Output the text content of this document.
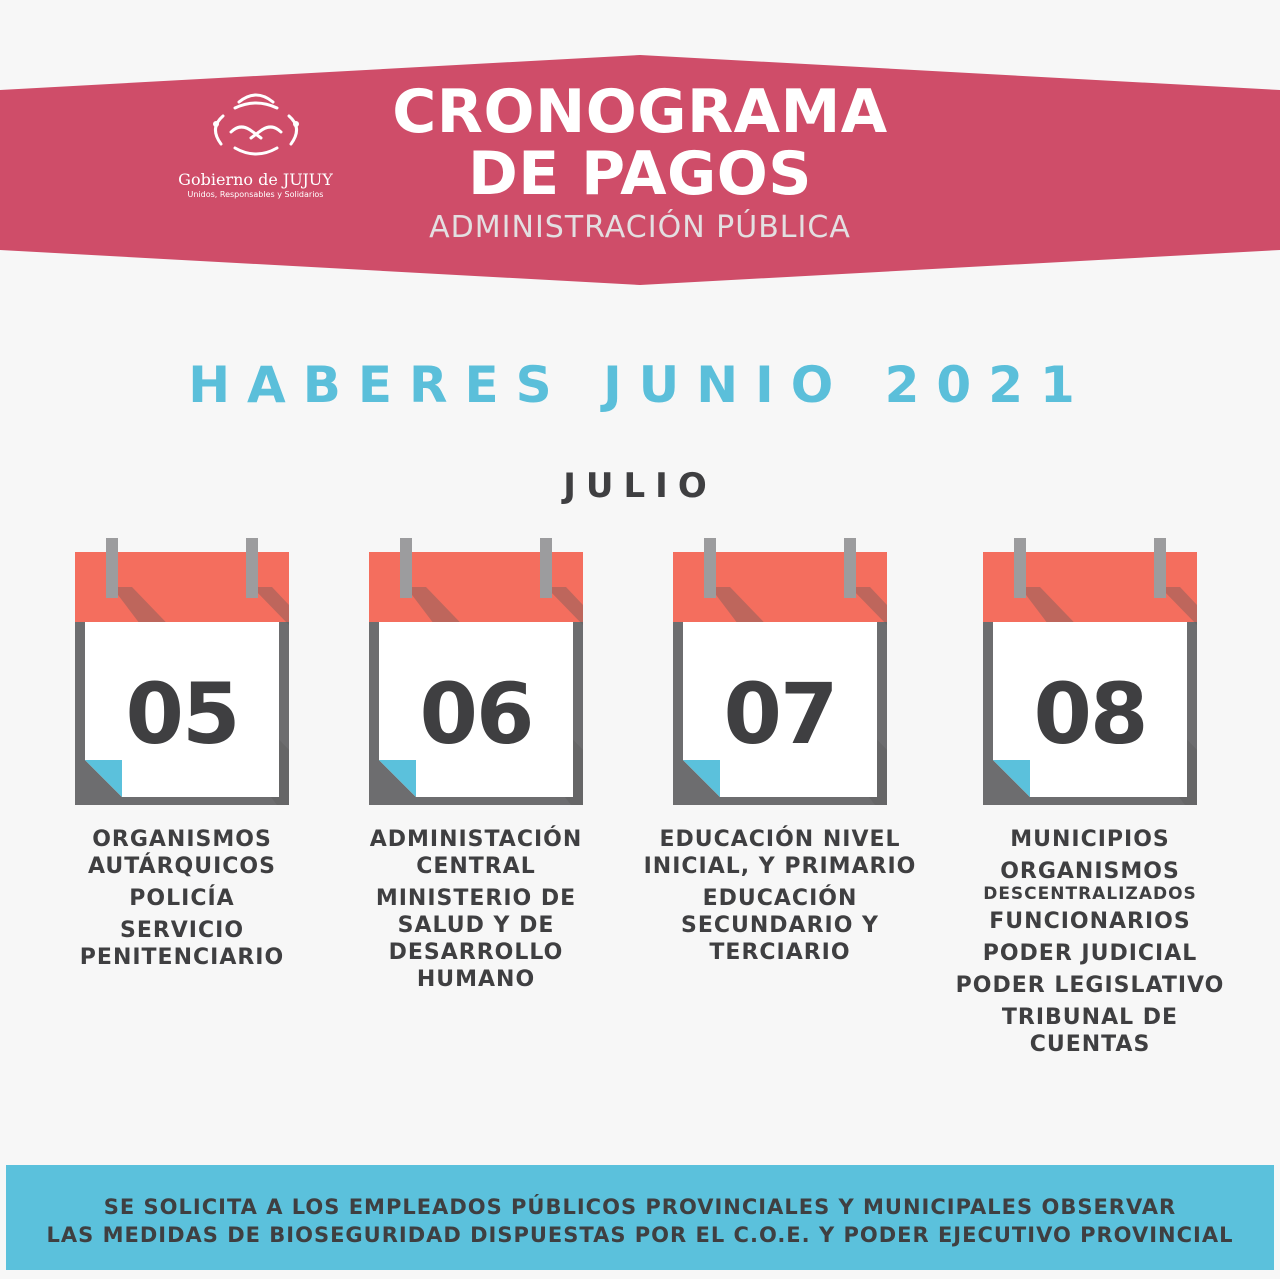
Gobierno de JUJUY
Unidos, Responsables y Solidarios
CRONOGRAMA
DE PAGOS
ADMINISTRACIÓN PÚBLICA
HABERES JUNIO 2021
JULIO
05	06	07	08
ORGANISMOS AUTÁRQUICOS
POLICÍA
SERVICIO PENITENCIARIO
ADMINISTACIÓN CENTRAL
MINISTERIO DE SALUD Y DE DESARROLLO HUMANO
EDUCACIÓN NIVEL INICIAL, Y PRIMARIO
EDUCACIÓN SECUNDARIO Y TERCIARIO
MUNICIPIOS
ORGANISMOS
DESCENTRALIZADOS
FUNCIONARIOS
PODER JUDICIAL
PODER LEGISLATIVO
TRIBUNAL DE CUENTAS
SE SOLICITA A LOS EMPLEADOS PÚBLICOS PROVINCIALES Y MUNICIPALES OBSERVAR
LAS MEDIDAS DE BIOSEGURIDAD DISPUESTAS POR EL C.O.E. Y PODER EJECUTIVO PROVINCIAL
